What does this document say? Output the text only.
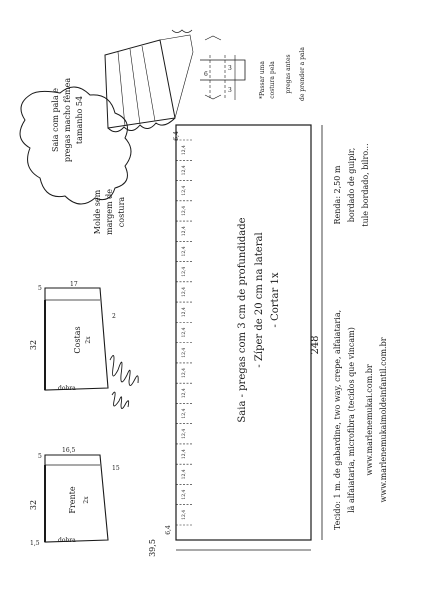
Saia com pala e pregas macho fêmea tamanho 54
Molde sem margem de costura
6
3
3	*Passar uma costura pela pregas antes de prender a pala
12,4
12,4
12,4
12,4
12,4
12,4
12,4
12,4
12,4
12,4
12,4
12,4
12,4
12,4
12,4
12,4
12,4
12,4
12,4
Saia - pregas com 3 cm de profundidade - Zíper de 20 cm na lateral - Cortar 1x
248
39,5
6,4
6,4
Costas 2x
5
17
32
2
dobra
Frente 2x
5
16,5
32
15
1,5	dobra
Renda: 2,50 m bordado de guipir, tule bordado, bilro...
Tecido: 1 m. de gabardine, two way, crepe, alfaiataria, lã alfaiataria, microfibra (tecidos que vincam) www.marlenemukai.com.br www.marlenemukaimoldeinfantil.com.br
